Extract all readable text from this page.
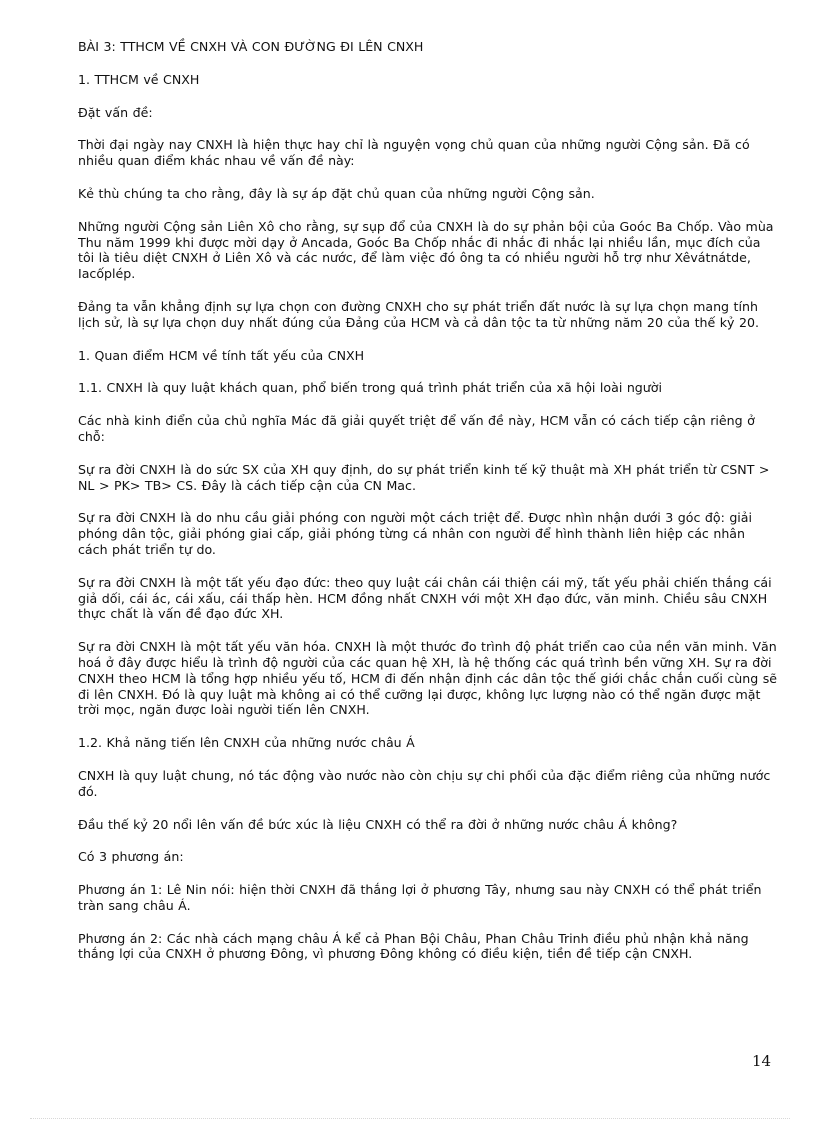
BÀI 3: TTHCM VỀ CNXH VÀ CON ĐƯỜNG ĐI LÊN CNXH

1. TTHCM về CNXH

Đặt vấn đề:

Thời đại ngày nay CNXH là hiện thực hay chỉ là nguyện vọng chủ quan của những người Cộng sản. Đã có nhiều quan điểm khác nhau về vấn đề này:

Kẻ thù chúng ta cho rằng, đây là sự áp đặt chủ quan của những người Cộng sản.

Những người Cộng sản Liên Xô cho rằng, sự sụp đổ của CNXH là do sự phản bội của Goóc Ba Chốp. Vào mùa Thu năm 1999 khi được mời dạy ở Ancada, Goóc Ba Chốp nhắc đi nhắc đi nhắc lại nhiều lần, mục đích của tôi là tiêu diệt CNXH ở Liên Xô và các nước, để làm việc đó ông ta có nhiều người hỗ trợ như Xêvátnátde, Iacốplép.

Đảng ta vẫn khẳng định sự lựa chọn con đường CNXH cho sự phát triển đất nước là sự lựa chọn mang tính lịch sử, là sự lựa chọn duy nhất đúng của Đảng của HCM và cả dân tộc ta từ những năm 20 của thế kỷ 20.

1. Quan điểm HCM về tính tất yếu của CNXH

1.1. CNXH là quy luật khách quan, phổ biến trong quá trình phát triển của xã hội loài người

Các nhà kinh điển của chủ nghĩa Mác đã giải quyết triệt để vấn đề này, HCM vẫn có cách tiếp cận riêng ở chỗ:

Sự ra đời CNXH là do sức SX của XH quy định, do sự phát triển kinh tế kỹ thuật mà XH phát triển từ CSNT > NL > PK> TB> CS. Đây là cách tiếp cận của CN Mac.

Sự ra đời CNXH là do nhu cầu giải phóng con người một cách triệt để. Được nhìn nhận dưới 3 góc độ: giải phóng dân tộc, giải phóng giai cấp, giải phóng từng cá nhân con người để hình thành liên hiệp các nhân cách phát triển tự do.

Sự ra đời CNXH là một tất yếu đạo đức: theo quy luật cái chân cái thiện cái mỹ, tất yếu phải chiến thắng cái giả dối, cái ác, cái xấu, cái thấp hèn. HCM đồng nhất CNXH với một XH đạo đức, văn minh. Chiều sâu CNXH thực chất là vấn đề đạo đức XH.

Sự ra đời CNXH là một tất yếu văn hóa. CNXH là một thước đo trình độ phát triển cao của nền văn minh. Văn hoá ở đây được hiểu là trình độ người của các quan hệ XH, là hệ thống các quá trình bền vững XH. Sự ra đời CNXH theo HCM là tổng hợp nhiều yếu tố, HCM đi đến nhận định các dân tộc thế giới chắc chắn cuối cùng sẽ đi lên CNXH. Đó là quy luật mà không ai có thể cưỡng lại được, không lực lượng nào có thể ngăn được mặt trời mọc, ngăn được loài người tiến lên CNXH.

1.2. Khả năng tiến lên CNXH của những nước châu Á

CNXH là quy luật chung, nó tác động vào nước nào còn chịu sự chi phối của đặc điểm riêng của những nước đó.

Đầu thế kỷ 20 nổi lên vấn đề bức xúc là liệu CNXH có thể ra đời ở những nước châu Á không?

Có 3 phương án:

Phương án 1: Lê Nin nói: hiện thời CNXH đã thắng lợi ở phương Tây, nhưng sau này CNXH có thể phát triển tràn sang châu Á.

Phương án 2: Các nhà cách mạng châu Á kể cả Phan Bội Châu, Phan Châu Trinh điều phủ nhận khả năng thắng lợi của CNXH ở phương Đông, vì phương Đông không có điều kiện, tiền đề tiếp cận CNXH.

14
